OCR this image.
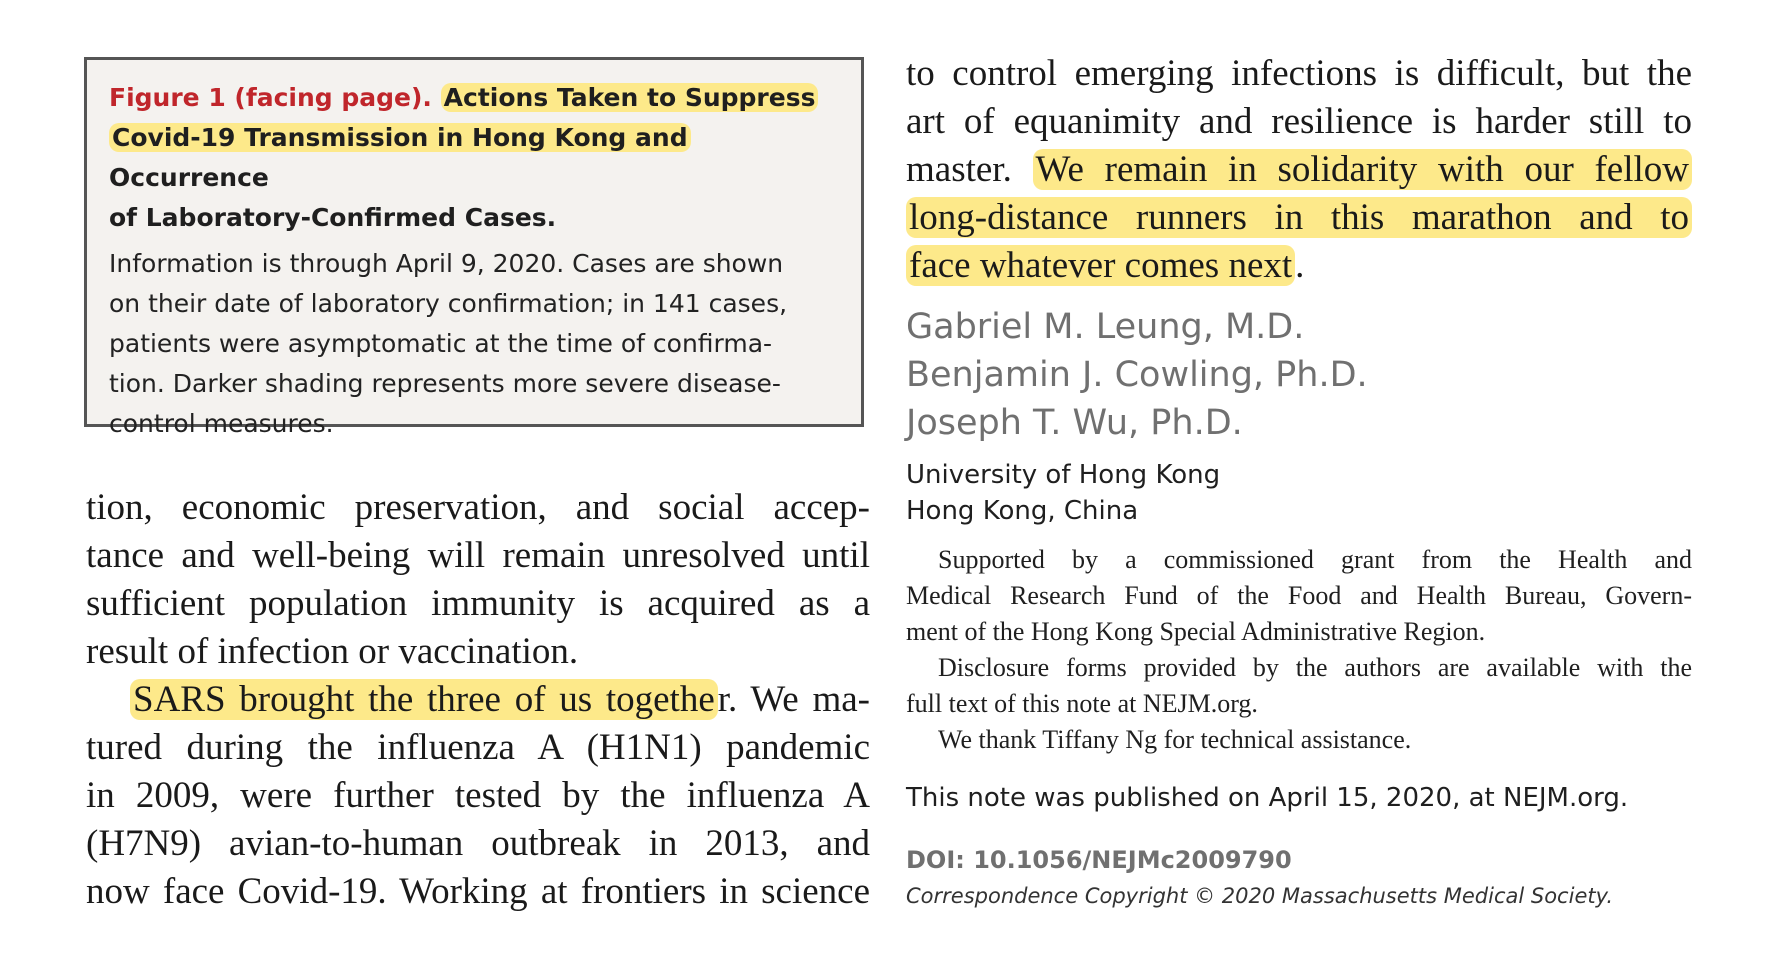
Figure 1 (facing page). Actions Taken to Suppress
Covid-19 Transmission in Hong Kong and Occurrence
of Laboratory-Confirmed Cases.

Information is through April 9, 2020. Cases are shown
on their date of laboratory confirmation; in 141 cases,
patients were asymptomatic at the time of confirma-
tion. Darker shading represents more severe disease-
control measures.

tion, economic preservation, and social accep-
tance and well-being will remain unresolved until
sufficient population immunity is acquired as a
result of infection or vaccination.
SARS brought the three of us together. We ma-
tured during the influenza A (H1N1) pandemic
in 2009, were further tested by the influenza A
(H7N9) avian-to-human outbreak in 2013, and
now face Covid-19. Working at frontiers in science
to control emerging infections is difficult, but the
art of equanimity and resilience is harder still to
master. We remain in solidarity with our fellow
long-distance runners in this marathon and to
face whatever comes next.
Gabriel M. Leung, M.D.
Benjamin J. Cowling, Ph.D.
Joseph T. Wu, Ph.D.
University of Hong Kong
Hong Kong, China
Supported by a commissioned grant from the Health and
Medical Research Fund of the Food and Health Bureau, Govern-
ment of the Hong Kong Special Administrative Region.
Disclosure forms provided by the authors are available with the
full text of this note at NEJM.org.
We thank Tiffany Ng for technical assistance.
This note was published on April 15, 2020, at NEJM.org.
DOI: 10.1056/NEJMc2009790
Correspondence Copyright © 2020 Massachusetts Medical Society.
